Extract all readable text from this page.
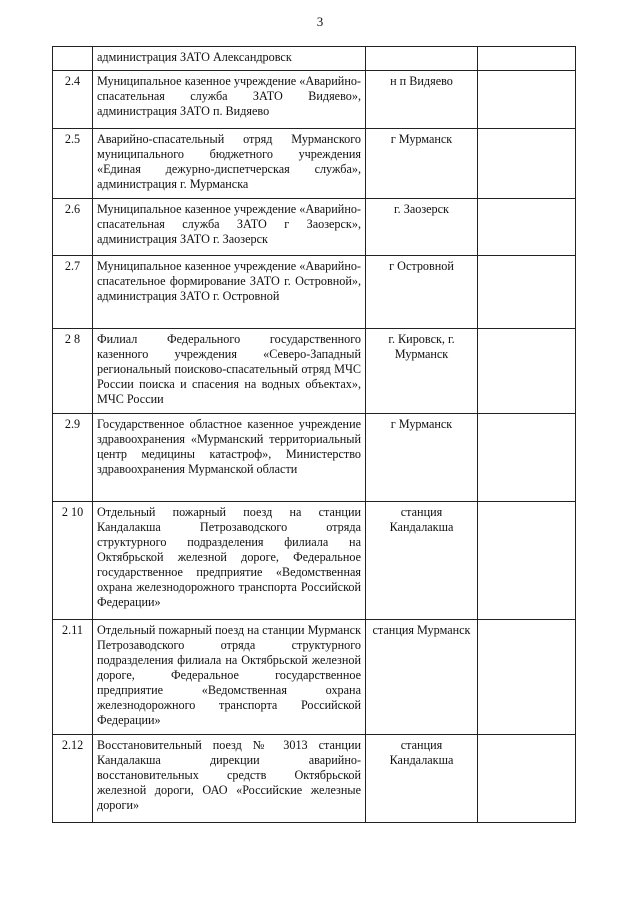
3
	администрация ЗАТО Александровск		
2.4	Муниципальное казенное учреждение «Аварийно-спасательная служба ЗАТО Видяево», администрация ЗАТО п. Видяево	н п Видяево	
2.5	Аварийно-спасательный отряд Мурманского муниципального бюджетного учреждения «Единая дежурно-диспетчерская служба», администрация г. Мурманска	г Мурманск	
2.6	Муниципальное казенное учреждение «Аварийно-спасательная служба ЗАТО г Заозерск», администрация ЗАТО г. Заозерск	г. Заозерск	
2.7	Муниципальное казенное учреждение «Аварийно-спасательное формирование ЗАТО г. Островной», администрация ЗАТО г. Островной	г Островной	
2 8	Филиал Федерального государственного казенного учреждения «Северо-Западный региональный поисково-спасательный отряд МЧС России поиска и спасения на водных объектах», МЧС России	г. Кировск, г. Мурманск	
2.9	Государственное областное казенное учреждение здравоохранения «Мурманский территориальный центр медицины катастроф», Министерство здравоохранения Мурманской области	г Мурманск	
2 10	Отдельный пожарный поезд на станции Кандалакша Петрозаводского отряда структурного подразделения филиала на Октябрьской железной дороге, Федеральное государственное предприятие «Ведомственная охрана железнодорожного транспорта Российской Федерации»	станция Кандалакша	
2.11	Отдельный пожарный поезд на станции Мурманск Петрозаводского отряда структурного подразделения филиала на Октябрьской железной дороге, Федеральное государственное предприятие «Ведомственная охрана железнодорожного транспорта Российской Федерации»	станция Мурманск	
2.12	Восстановительный поезд № 3013 станции Кандалакша дирекции аварийно-восстановительных средств Октябрьской железной дороги, ОАО «Российские железные дороги»	станция Кандалакша	
